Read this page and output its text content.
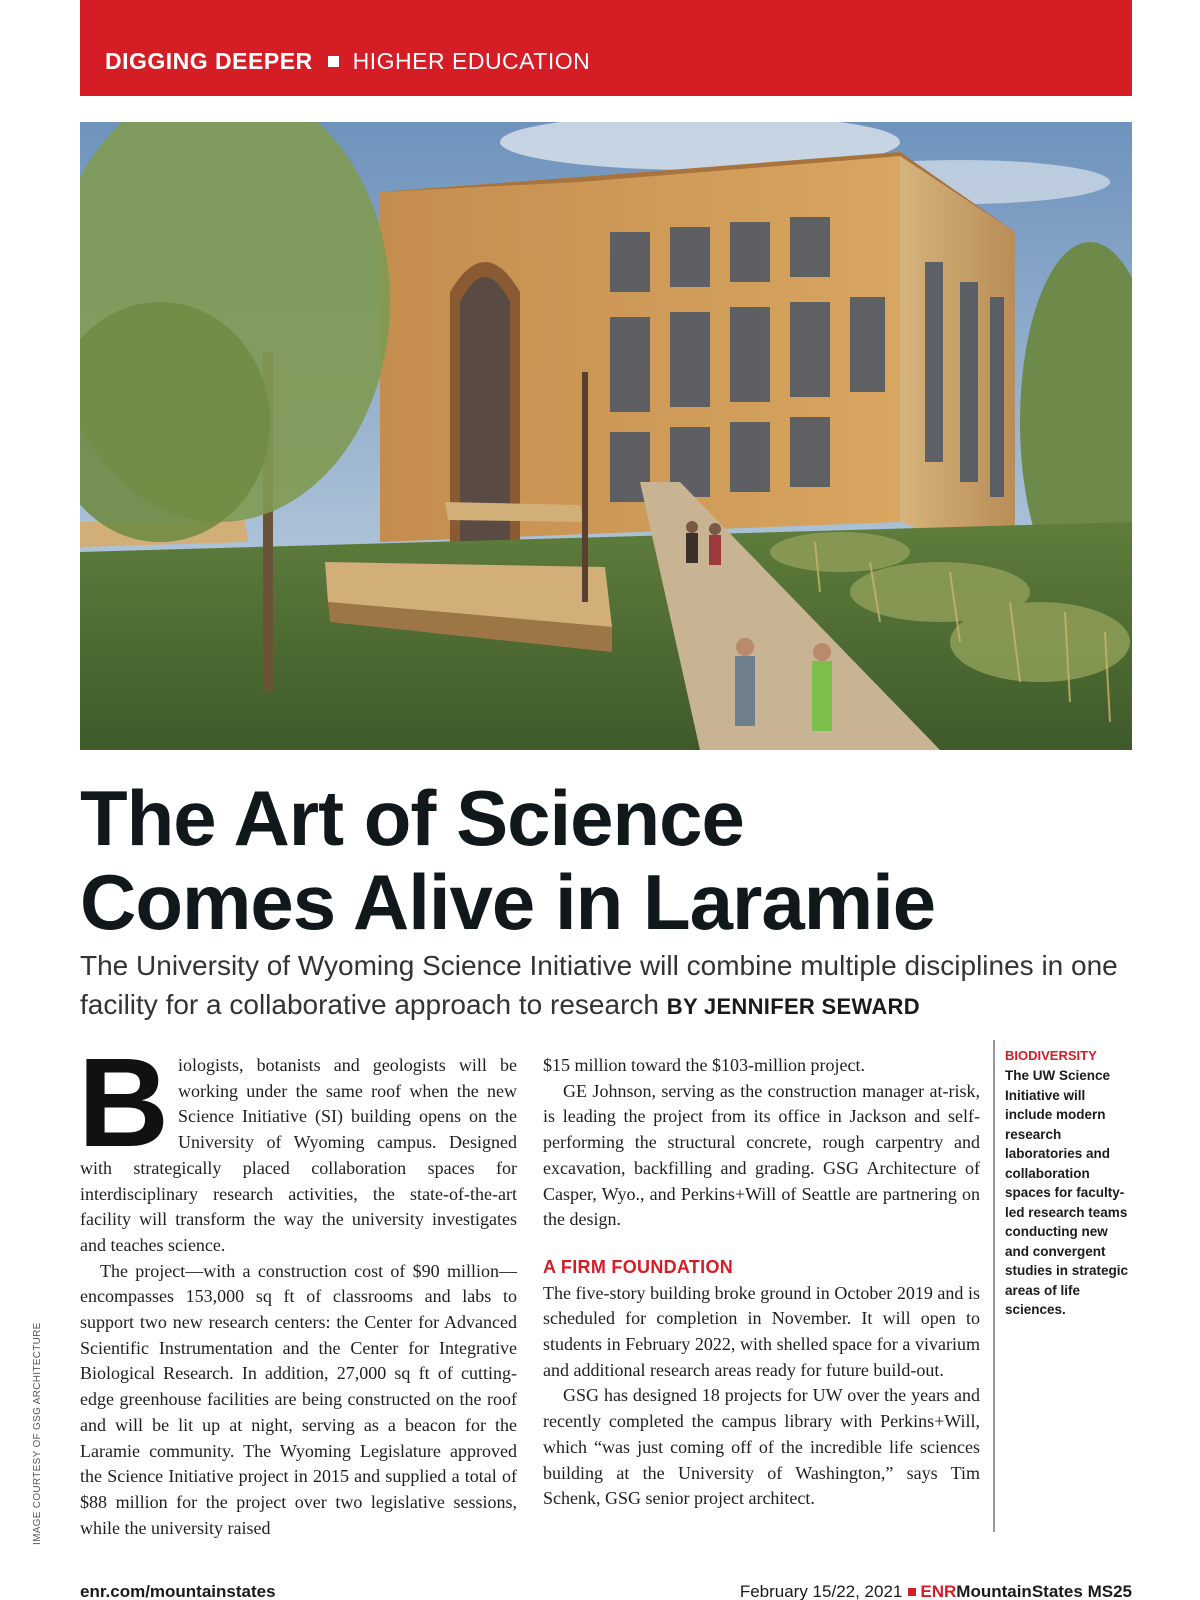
DIGGING DEEPER HIGHER EDUCATION
The Art of Science
Comes Alive in Laramie
The University of Wyoming Science Initiative will combine multiple disciplines in one facility for a collaborative approach to research BY JENNIFER SEWARD

Biologists, botanists and geologists will be working under the same roof when the new Science Initiative (SI) building opens on the University of Wyoming campus. Designed with strategically placed collaboration spaces for interdisciplinary research activities, the state-of-the-art facility will transform the way the university investigates and teaches science.

The project—with a construction cost of $90 million—encompasses 153,000 sq ft of classrooms and labs to support two new research centers: the Center for Advanced Scientific Instrumentation and the Center for Integrative Biological Research. In addition, 27,000 sq ft of cutting-edge greenhouse facilities are being constructed on the roof and will be lit up at night, serving as a beacon for the Laramie community. The Wyoming Legislature approved the Science Initiative project in 2015 and supplied a total of $88 million for the project over two legislative sessions, while the university raised

$15 million toward the $103-million project.

GE Johnson, serving as the construction manager at-risk, is leading the project from its office in Jackson and self-performing the structural concrete, rough carpentry and excavation, backfilling and grading. GSG Architecture of Casper, Wyo., and Perkins+Will of Seattle are partnering on the design.

A FIRM FOUNDATION

The five-story building broke ground in October 2019 and is scheduled for completion in November. It will open to students in February 2022, with shelled space for a vivarium and additional research areas ready for future build-out.

GSG has designed 18 projects for UW over the years and recently completed the campus library with Perkins+Will, which “was just coming off of the incredible life sciences building at the University of Washington,” says Tim Schenk, GSG senior project architect.

BIODIVERSITY
The UW Science Initiative will include modern research laboratories and collaboration spaces for faculty-led research teams conducting new and convergent studies in strategic areas of life sciences.
IMAGE COURTESY OF GSG ARCHITECTURE
enr.com/mountainstates	February 15/22, 2021 ENRMountainStates MS25
